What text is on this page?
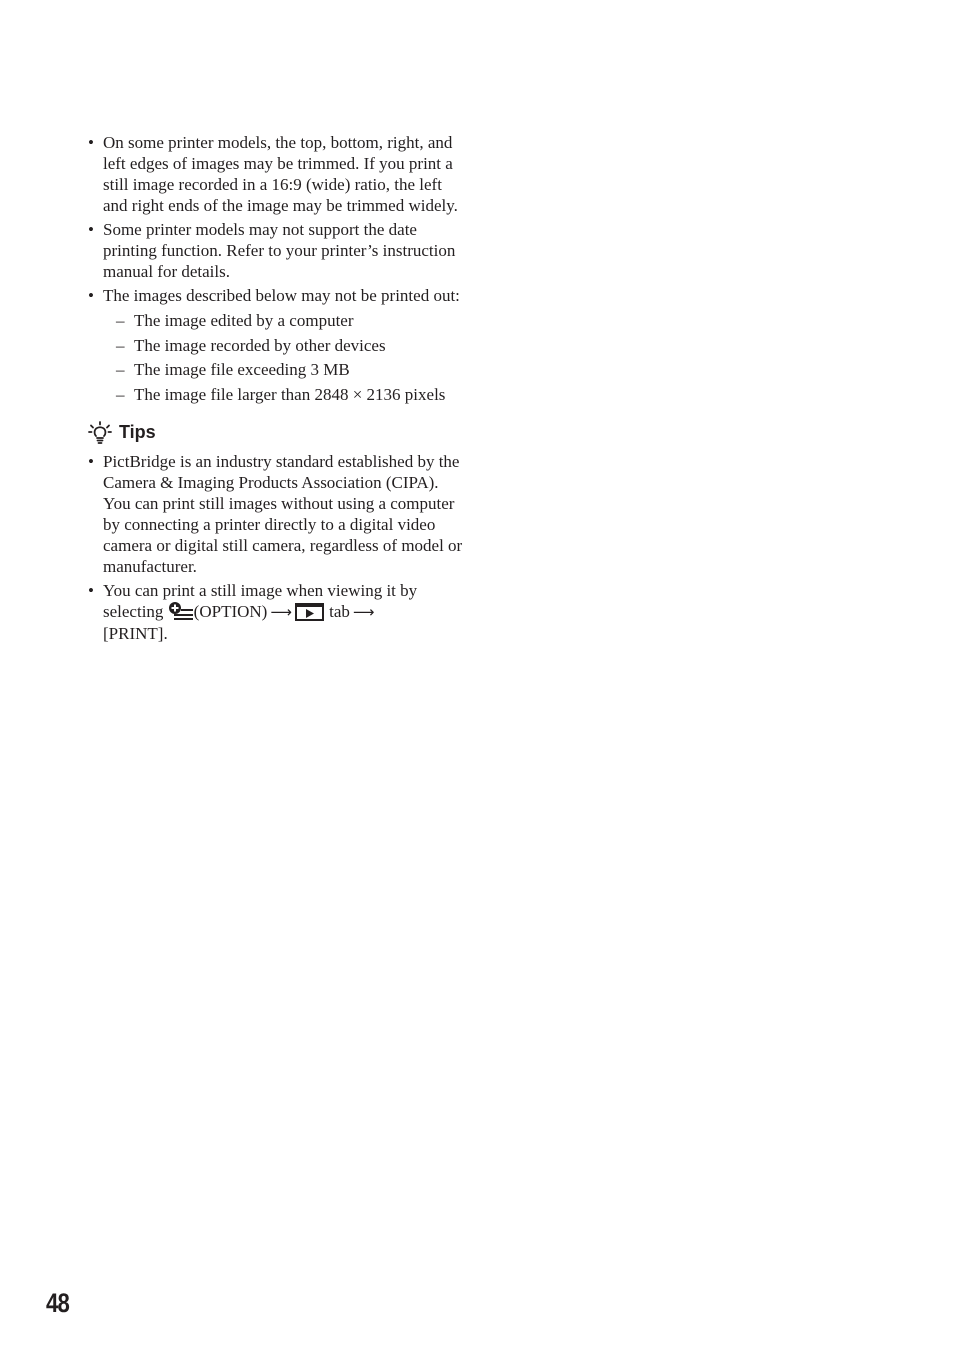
• On some printer models, the top, bottom, right, and left edges of images may be trimmed. If you print a still image recorded in a 16:9 (wide) ratio, the left and right ends of the image may be trimmed widely.
• Some printer models may not support the date printing function. Refer to your printer’s instruction manual for details.
• The images described below may not be printed out:
– The image edited by a computer
– The image recorded by other devices
– The image file exceeding 3 MB
– The image file larger than 2848 × 2136 pixels
Tips
• PictBridge is an industry standard established by the Camera & Imaging Products Association (CIPA). You can print still images without using a computer by connecting a printer directly to a digital video camera or digital still camera, regardless of model or manufacturer.
• You can print a still image when viewing it by selecting (OPTION) ⟶ tab ⟶
[PRINT].
48
